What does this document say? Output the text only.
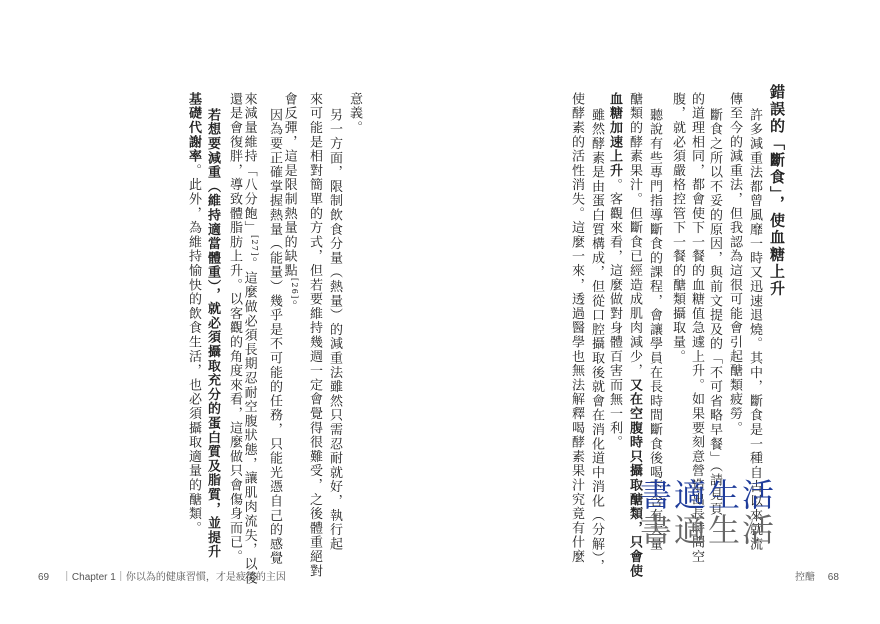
錯誤的「斷食」，使血糖上升
許多減重法都曾風靡一時又迅速退燒。其中，斷食是一種自古以來就流
傳至今的減重法，但我認為這很可能會引起醣類疲勞。
斷食之所以不妥的原因，與前文提及的「不可省略早餐」（請見頁
的道理相同，都會使下一餐的血糖值急遽上升。如果要刻意營造出長時間空
腹，就必須嚴格控管下一餐的醣類攝取量。
聽說有些專門指導斷食的課程，會讓學員在長時間斷食後喝下含有大量
醣類的酵素果汁。但斷食已經造成肌肉減少，又在空腹時只攝取醣類，只會使
血糖加速上升。客觀來看，這麼做對身體百害而無一利。
雖然酵素是由蛋白質構成，但從口腔攝取後就會在消化道中消化（分解），
使酵素的活性消失。這麼一來，透過醫學也無法解釋喝酵素果汁究竟有什麼
意義。
另一方面，限制飲食分量（熱量）的減重法雖然只需忍耐就好，執行起
來可能是相對簡單的方式，但若要維持幾週一定會覺得很難受，之後體重絕對
會反彈，這是限制熱量的缺點[26]。
因為要正確掌握熱量（能量）幾乎是不可能的任務，只能光憑自己的感覺
來減量維持「八分飽」[27]。這麼做必須長期忍耐空腹狀態，讓肌肉流失，以後
還是會復胖，導致體脂肪上升。以客觀的角度來看，這麼做只會傷身而已。
若想要減重（維持適當體重），就必須攝取充分的蛋白質及脂質，並提升
基礎代謝率。此外，為維持愉快的飲食生活，也必須攝取適量的醣類。	書適生活
書適生活
69 ｜Chapter 1｜你以為的健康習慣，才是疲勞的主因	控醣 68
